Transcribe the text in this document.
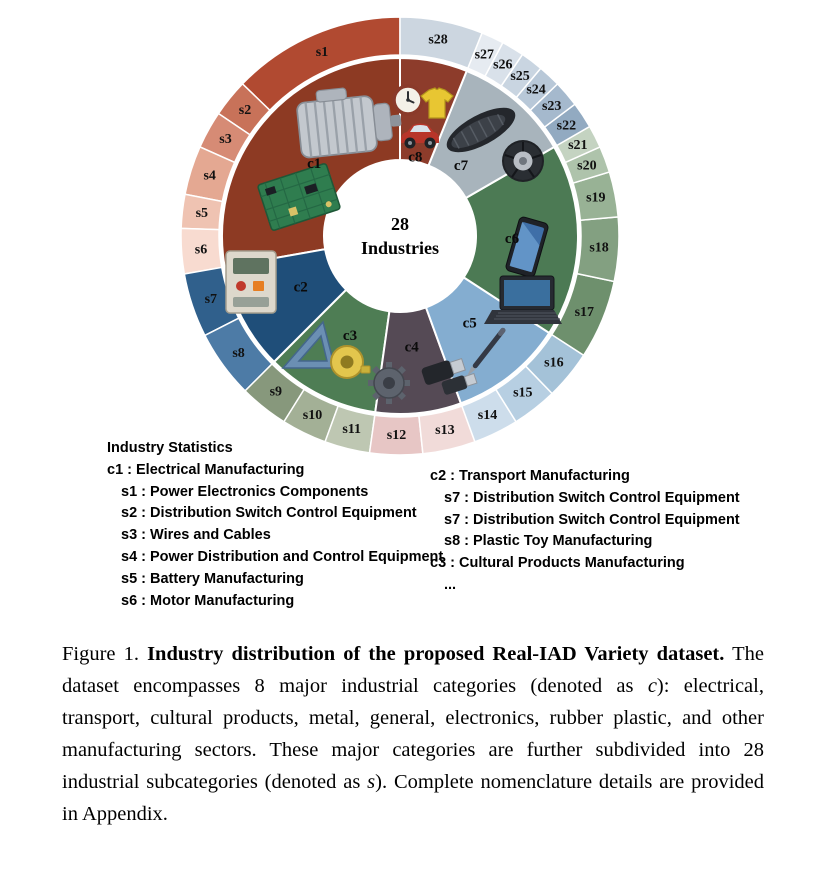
s1
s2
s3
s4
s5
s6
s7
s8
s9
s10
s11 s12 s13
s14
s15
s16
s17
s18
s19
s20
s21
s22
s23
s24
s25
s26
s27
s28
c1
c2
c3
c4
c5
c6
c7
c8
28
Industries
Industry Statistics
c1 : Electrical Manufacturing
s1 : Power Electronics Components
s2 : Distribution Switch Control Equipment
s3 : Wires and Cables
s4 : Power Distribution and Control Equipment
s5 : Battery Manufacturing
s6 : Motor Manufacturing
c2 : Transport Manufacturing
s7 : Distribution Switch Control Equipment
s7 : Distribution Switch Control Equipment
s8 : Plastic Toy Manufacturing
c3 : Cultural Products Manufacturing
...

Figure 1. Industry distribution of the proposed Real-IAD Variety dataset. The dataset encompasses 8 major industrial categories (denoted as c): electrical, transport, cultural products, metal, general, electronics, rubber plastic, and other manufacturing sectors. These major categories are further subdivided into 28 industrial subcategories (denoted as s). Complete nomenclature details are provided in Appendix.
